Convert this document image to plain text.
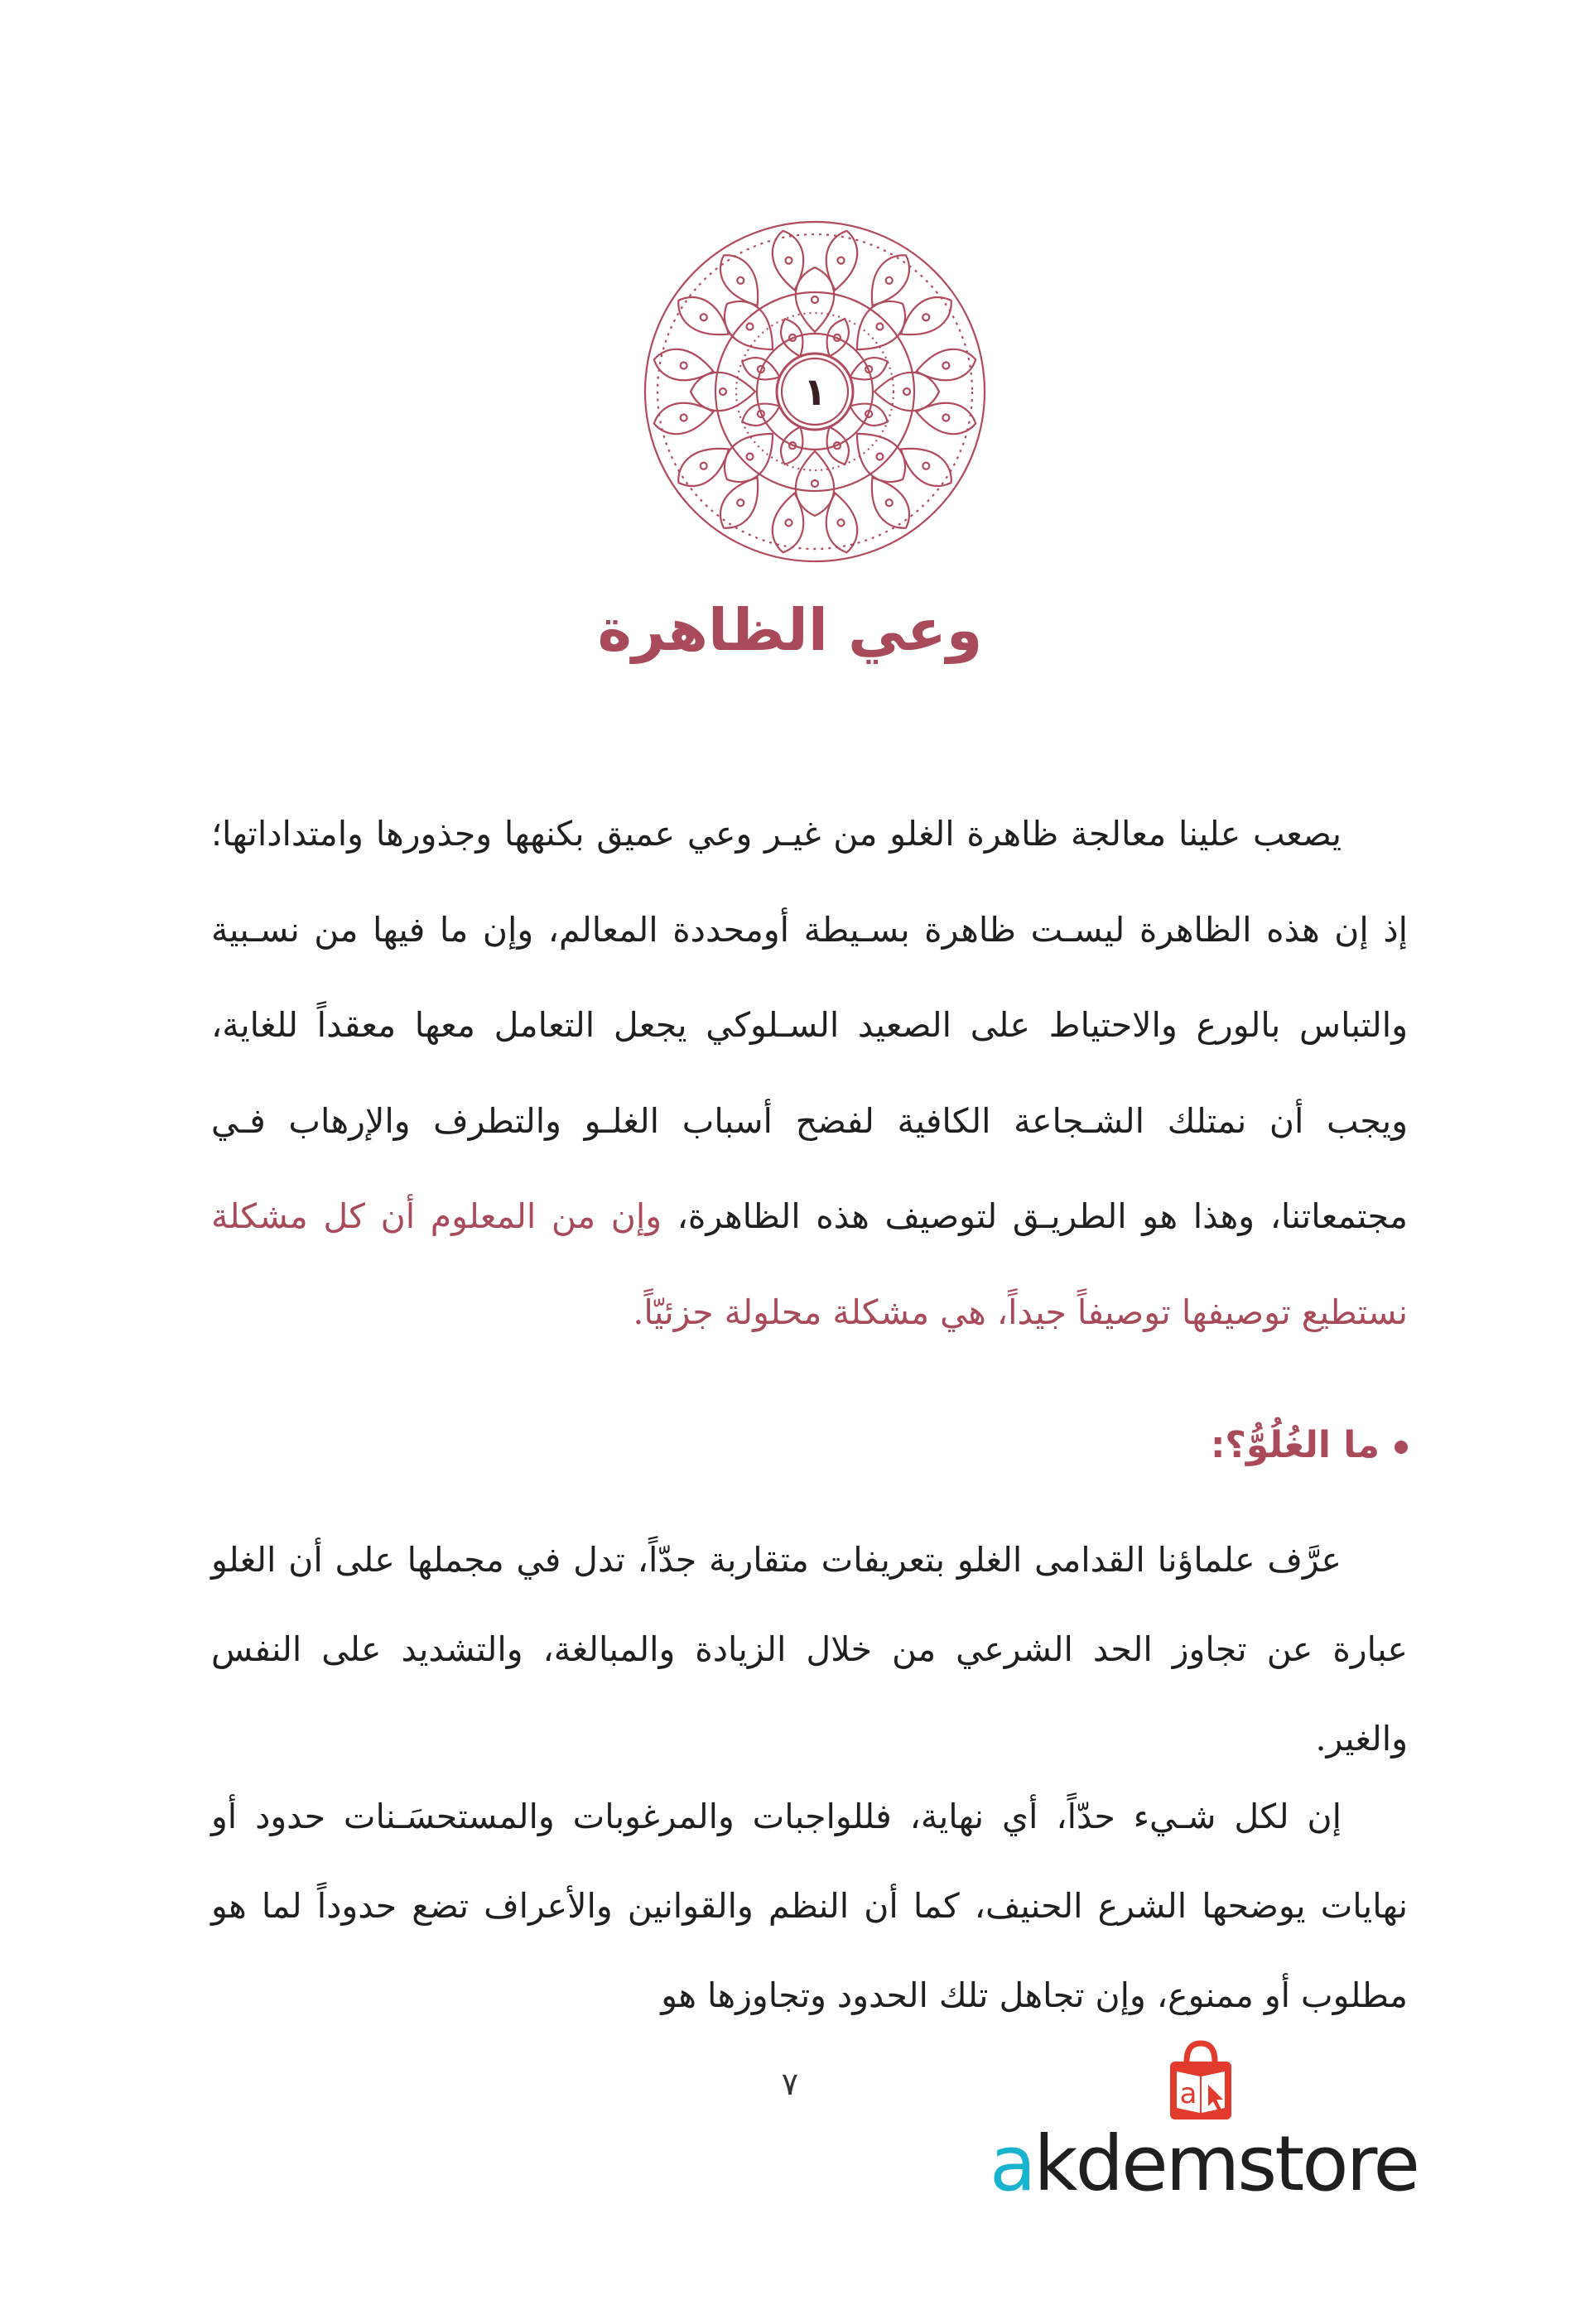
١
وعي الظاهرة
يصعب علينا معالجة ظاهرة الغلو من غيـر وعي عميق بكنهها وجذورها وامتداداتها؛ إذ إن هذه الظاهرة ليسـت ظاهرة بسـيطة أومحددة المعالم، وإن ما فيها من نسـبية والتباس بالورع والاحتياط على الصعيد السـلوكي يجعل التعامل معها معقداً للغاية، ويجب أن نمتلك الشـجاعة الكافية لفضح أسباب الغلـو والتطرف والإرهاب فـي مجتمعاتنا، وهذا هو الطريـق لتوصيف هذه الظاهرة، وإن من المعلوم أن كل مشكلة نستطيع توصيفها توصيفاً جيداً، هي مشكلة محلولة جزئيّاً.
ما الغُلُوُّ؟:
عرَّف علماؤنا القدامى الغلو بتعريفات متقاربة جدّاً، تدل في مجملها على أن الغلو عبارة عن تجاوز الحد الشرعي من خلال الزيادة والمبالغة، والتشديد على النفس والغير.
إن لكل شـيء حدّاً، أي نهاية، فللواجبات والمرغوبات والمستحسَـنات حدود أو نهايات يوضحها الشرع الحنيف، كما أن النظم والقوانين والأعراف تضع حدوداً لما هو مطلوب أو ممنوع، وإن تجاهل تلك الحدود وتجاوزها هو
٧	a
akdemstore
